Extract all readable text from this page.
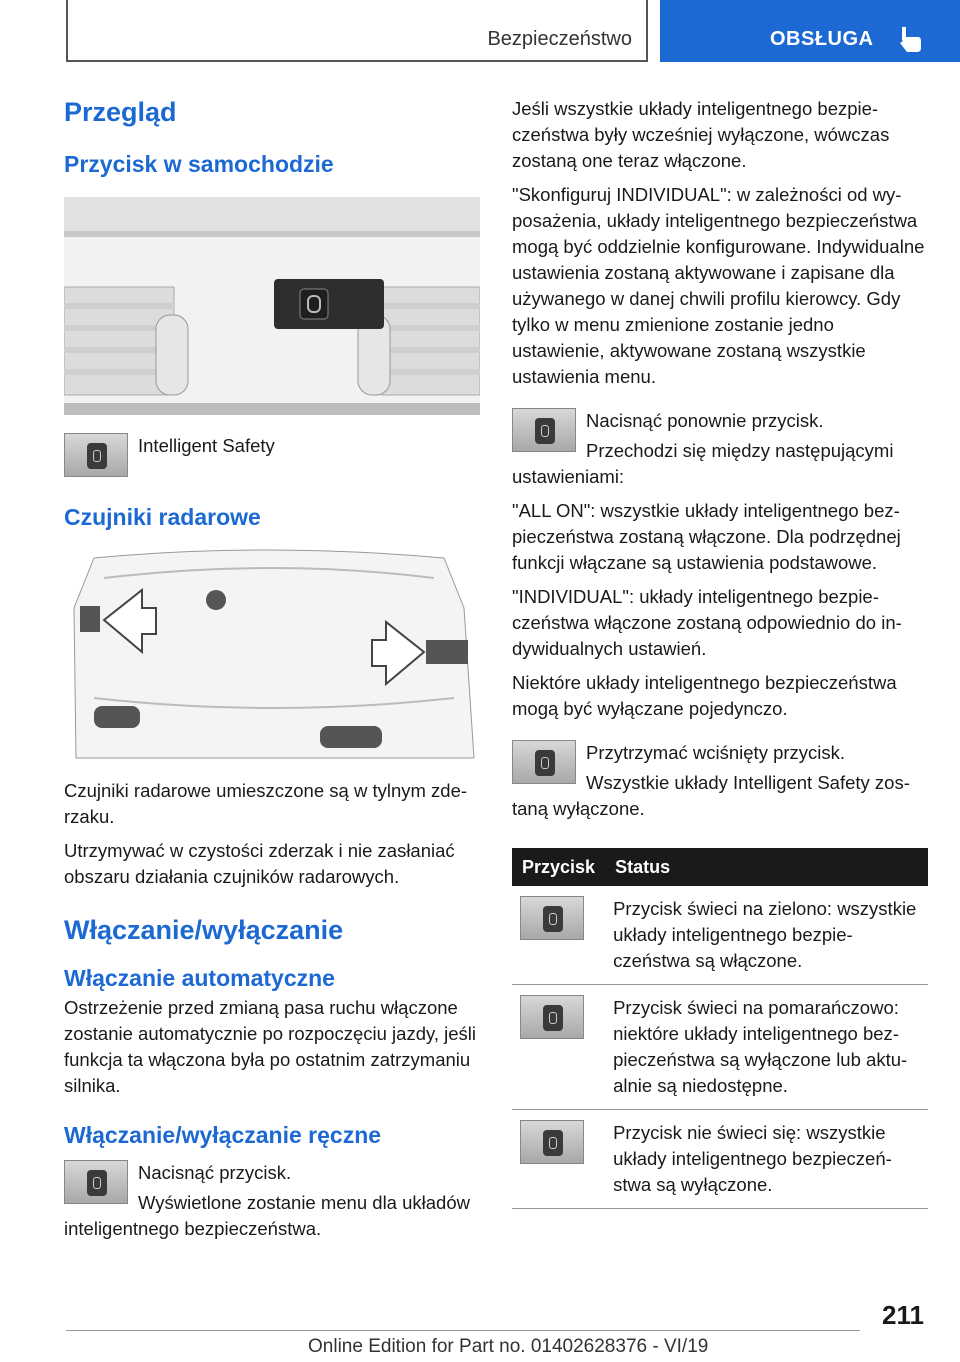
Bezpieczeństwo	OBSŁUGA
Przegląd
Przycisk w samochodzie

Intelligent Safety

Czujniki radarowe

Czujniki radarowe umieszczone są w tylnym zderzaku.

Utrzymywać w czystości zderzak i nie zasłaniać obszaru działania czujników radarowych.

Włączanie/wyłączanie
Włączanie automatyczne

Ostrzeżenie przed zmianą pasa ruchu włączone zostanie automatycznie po rozpoczęciu jazdy, jeśli funkcja ta włączona była po ostatnim zatrzymaniu silnika.

Włączanie/wyłączanie ręczne

Nacisnąć przycisk.

Wyświetlone zostanie menu dla układów inteligentnego bezpieczeństwa.

Jeśli wszystkie układy inteligentnego bezpieczeństwa były wcześniej wyłączone, wówczas zostaną one teraz włączone.

"Skonfiguruj INDIVIDUAL": w zależności od wyposażenia, układy inteligentnego bezpieczeństwa mogą być oddzielnie konfigurowane. Indywidualne ustawienia zostaną aktywowane i zapisane dla używanego w danej chwili profilu kierowcy. Gdy tylko w menu zmienione zostanie jedno ustawienie, aktywowane zostaną wszystkie ustawienia menu.

Nacisnąć ponownie przycisk.

Przechodzi się między następującymi ustawieniami:

"ALL ON": wszystkie układy inteligentnego bezpieczeństwa zostaną włączone. Dla podrzędnej funkcji włączane są ustawienia podstawowe.

"INDIVIDUAL": układy inteligentnego bezpieczeństwa włączone zostaną odpowiednio do indywidualnych ustawień.

Niektóre układy inteligentnego bezpieczeństwa mogą być wyłączane pojedynczo.

Przytrzymać wciśnięty przycisk.

Wszystkie układy Intelligent Safety zostaną wyłączone.

Przycisk	Status

	Przycisk świeci na zielono: wszystkie układy inteligentnego bezpieczeństwa są włączone.

	Przycisk świeci na pomarańczowo: niektóre układy inteligentnego bezpieczeństwa są wyłączone lub aktualnie są niedostępne.

	Przycisk nie świeci się: wszystkie układy inteligentnego bezpieczeństwa są wyłączone.
211
Online Edition for Part no. 01402628376 - VI/19
